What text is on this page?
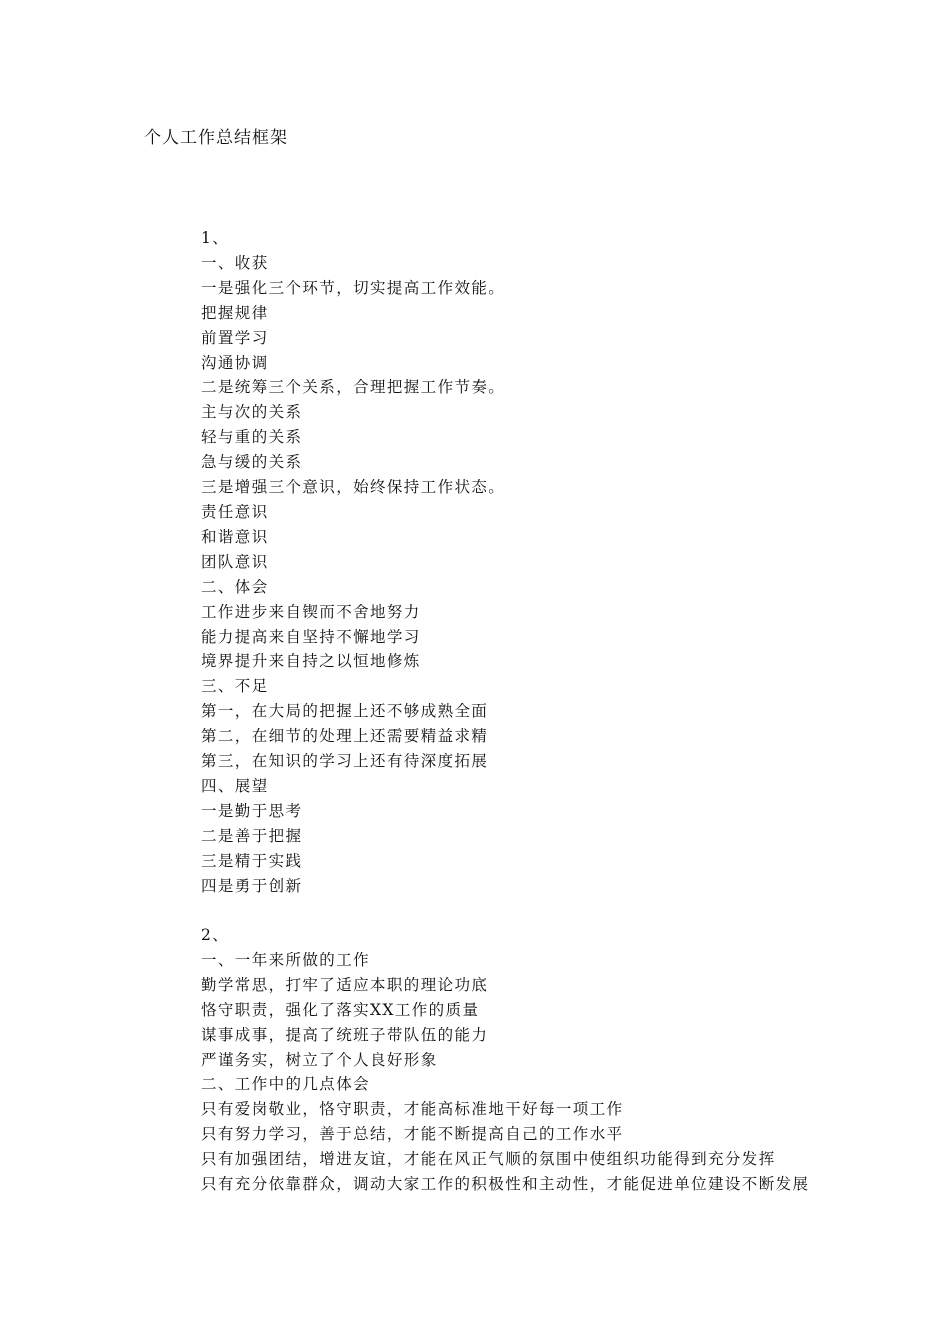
个人工作总结框架
1、
一、收获
一是强化三个环节，切实提高工作效能。
把握规律
前置学习
沟通协调
二是统筹三个关系，合理把握工作节奏。
主与次的关系
轻与重的关系
急与缓的关系
三是增强三个意识，始终保持工作状态。
责任意识
和谐意识
团队意识
二、体会
工作进步来自锲而不舍地努力
能力提高来自坚持不懈地学习
境界提升来自持之以恒地修炼
三、不足
第一，在大局的把握上还不够成熟全面
第二，在细节的处理上还需要精益求精
第三，在知识的学习上还有待深度拓展
四、展望
一是勤于思考
二是善于把握
三是精于实践
四是勇于创新
2、
一、一年来所做的工作
勤学常思，打牢了适应本职的理论功底
恪守职责，强化了落实XX工作的质量
谋事成事，提高了统班子带队伍的能力
严谨务实，树立了个人良好形象
二、工作中的几点体会
只有爱岗敬业，恪守职责，才能高标准地干好每一项工作
只有努力学习，善于总结，才能不断提高自己的工作水平
只有加强团结，增进友谊，才能在风正气顺的氛围中使组织功能得到充分发挥
只有充分依靠群众，调动大家工作的积极性和主动性，才能促进单位建设不断发展
